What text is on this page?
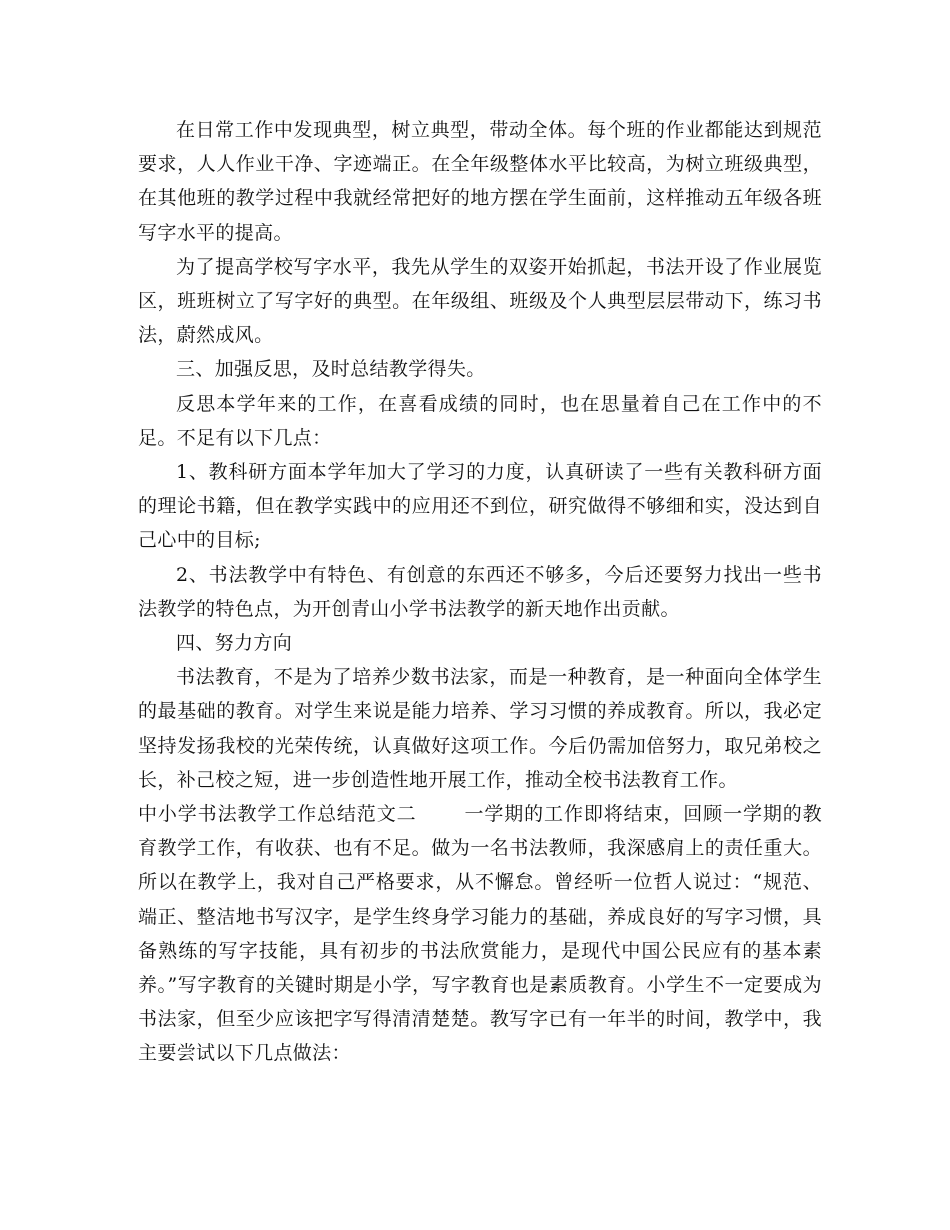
在日常工作中发现典型，树立典型，带动全体。每个班的作业都能达到规范要求，人人作业干净、字迹端正。在全年级整体水平比较高，为树立班级典型，在其他班的教学过程中我就经常把好的地方摆在学生面前，这样推动五年级各班写字水平的提高。

为了提高学校写字水平，我先从学生的双姿开始抓起，书法开设了作业展览区，班班树立了写字好的典型。在年级组、班级及个人典型层层带动下，练习书法，蔚然成风。

三、加强反思，及时总结教学得失。

反思本学年来的工作，在喜看成绩的同时，也在思量着自己在工作中的不足。不足有以下几点：

1、教科研方面本学年加大了学习的力度，认真研读了一些有关教科研方面的理论书籍，但在教学实践中的应用还不到位，研究做得不够细和实，没达到自己心中的目标;

2、书法教学中有特色、有创意的东西还不够多，今后还要努力找出一些书法教学的特色点，为开创青山小学书法教学的新天地作出贡献。

四、努力方向

书法教育，不是为了培养少数书法家，而是一种教育，是一种面向全体学生的最基础的教育。对学生来说是能力培养、学习习惯的养成教育。所以，我必定坚持发扬我校的光荣传统，认真做好这项工作。今后仍需加倍努力，取兄弟校之长，补己校之短，进一步创造性地开展工作，推动全校书法教育工作。

中小学书法教学工作总结范文二	一学期的工作即将结束，回顾一学期的教育教学工作，有收获、也有不足。做为一名书法教师，我深感肩上的责任重大。所以在教学上，我对自己严格要求，从不懈怠。曾经听一位哲人说过：“规范、端正、整洁地书写汉字，是学生终身学习能力的基础，养成良好的写字习惯，具备熟练的写字技能，具有初步的书法欣赏能力，是现代中国公民应有的基本素养。”写字教育的关键时期是小学，写字教育也是素质教育。小学生不一定要成为书法家，但至少应该把字写得清清楚楚。教写字已有一年半的时间，教学中，我主要尝试以下几点做法：
